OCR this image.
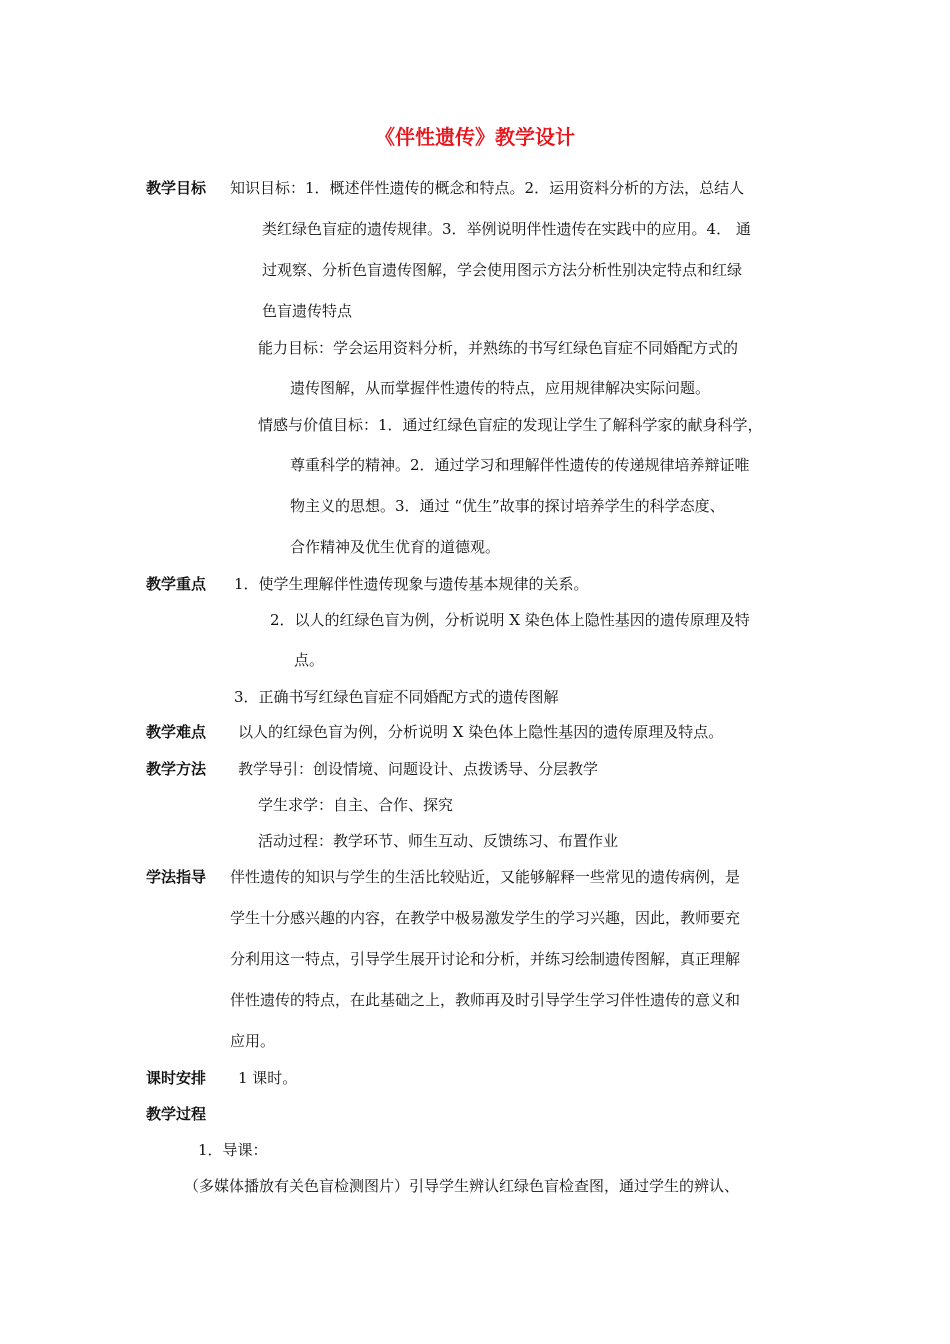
《伴性遗传》教学设计
教学目标 知识目标：1．概述伴性遗传的概念和特点。2．运用资料分析的方法，总结人
类红绿色盲症的遗传规律。3．举例说明伴性遗传在实践中的应用。4． 通
过观察、分析色盲遗传图解，学会使用图示方法分析性别决定特点和红绿
色盲遗传特点
能力目标：学会运用资料分析，并熟练的书写红绿色盲症不同婚配方式的
遗传图解，从而掌握伴性遗传的特点，应用规律解决实际问题。
情感与价值目标：1．通过红绿色盲症的发现让学生了解科学家的献身科学，
尊重科学的精神。2．通过学习和理解伴性遗传的传递规律培养辩证唯
物主义的思想。3．通过 “优生”故事的探讨培养学生的科学态度、
合作精神及优生优育的道德观。
教学重点 1．使学生理解伴性遗传现象与遗传基本规律的关系。
2．以人的红绿色盲为例，分析说明 X 染色体上隐性基因的遗传原理及特
点。
3．正确书写红绿色盲症不同婚配方式的遗传图解
教学难点 以人的红绿色盲为例，分析说明 X 染色体上隐性基因的遗传原理及特点。
教学方法 教学导引：创设情境、问题设计、点拨诱导、分层教学
学生求学：自主、合作、探究
活动过程：教学环节、师生互动、反馈练习、布置作业
学法指导 伴性遗传的知识与学生的生活比较贴近，又能够解释一些常见的遗传病例，是
学生十分感兴趣的内容，在教学中极易激发学生的学习兴趣，因此，教师要充
分利用这一特点，引导学生展开讨论和分析，并练习绘制遗传图解，真正理解
伴性遗传的特点，在此基础之上，教师再及时引导学生学习伴性遗传的意义和
应用。
课时安排 1 课时。
教学过程
1．导课：
（多媒体播放有关色盲检测图片）引导学生辨认红绿色盲检查图，通过学生的辨认、
